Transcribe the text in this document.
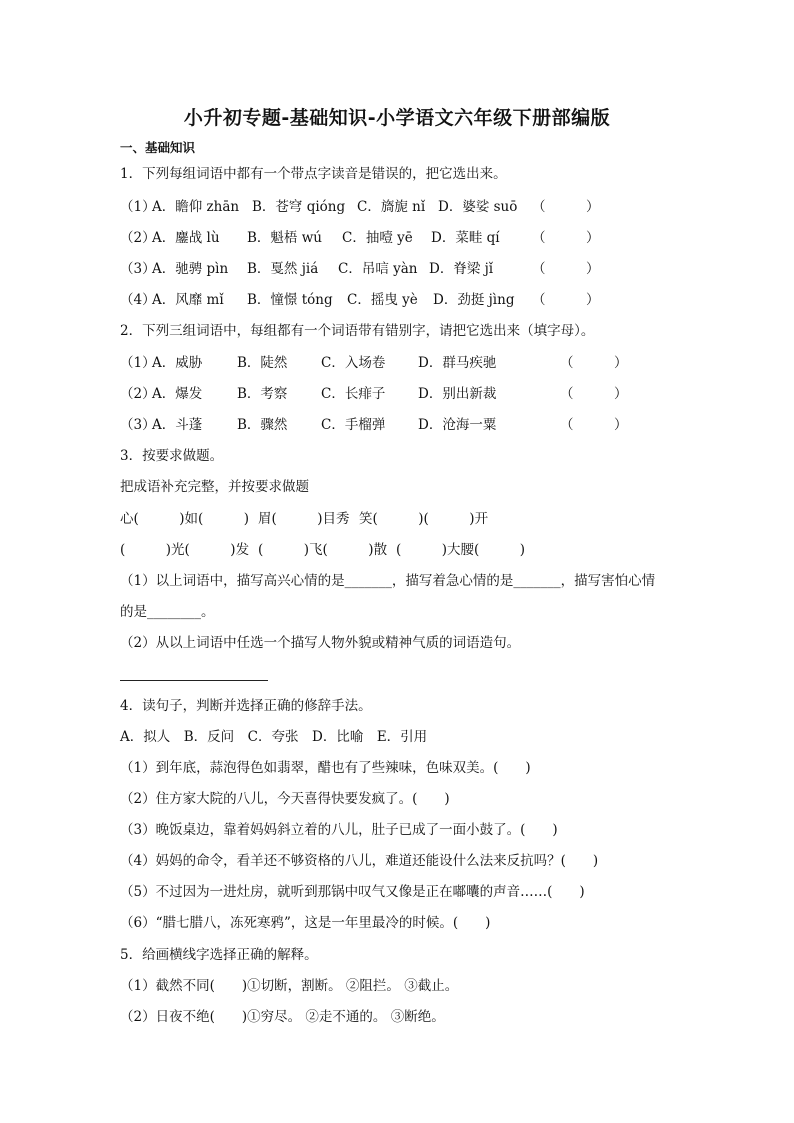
小升初专题-基础知识-小学语文六年级下册部编版
一、基础知识
1．下列每组词语中都有一个带点字读音是错误的，把它选出来。
（1）
A．瞻仰 zhān B．苍穹 qióng C．旖旎 nǐ D．婆娑 suō （　　　）
（2）
A．鏖战 lù B．魁梧 wú C．抽噎 yē D．菜畦 qí （　　　）
（3）
A．驰骋 pìn B．戛然 jiá C．吊唁 yàn D．脊梁 jǐ	（　　　）
（4）
A．风靡 mǐ B．憧憬 tóng C．摇曳 yè D．劲挺 jìng （　　　）
2．下列三组词语中，每组都有一个词语带有错别字，请把它选出来（填字母）。
（1）
A．威胁	B．陡然 C．入场卷 D．群马疾驰	（　　　）
（2）
A．爆发	B．考察 C．长痱子 D．别出新裁	（　　　）
（3）
A．斗蓬	B．骤然 C．手榴弹 D．沧海一粟	（　　　）
3．按要求做题。
把成语补充完整，并按要求做题
心(　　　)如(　　　) 眉(　　　)目秀 笑(　　　)(　　　)开
(　　　)光(　　　)发 (　　　)飞(　　　)散 (　　　)大腰(　　　)
（1）以上词语中，描写高兴心情的是_______，描写着急心情的是_______，描写害怕心情
的是________。
（2）从以上词语中任选一个描写人物外貌或精神气质的词语造句。
4．读句子，判断并选择正确的修辞手法。
A．拟人　B．反问　C．夸张　D．比喻　E．引用
（1）到年底，蒜泡得色如翡翠，醋也有了些辣味，色味双美。(　　)
（2）住方家大院的八儿，今天喜得快要发疯了。(　　)
（3）晚饭桌边，靠着妈妈斜立着的八儿，肚子已成了一面小鼓了。(　　)
（4）妈妈的命令，看羊还不够资格的八儿，难道还能设什么法来反抗吗？(　　)
（5）不过因为一进灶房，就听到那锅中叹气又像是正在嘟囔的声音……(　　)
（6）“腊七腊八，冻死寒鸦”，这是一年里最冷的时候。(　　)
5．给画横线字选择正确的解释。
（1）截然不同(　　)①切断，割断。 ②阻拦。 ③截止。
（2）日夜不绝(　　)①穷尽。 ②走不通的。 ③断绝。
